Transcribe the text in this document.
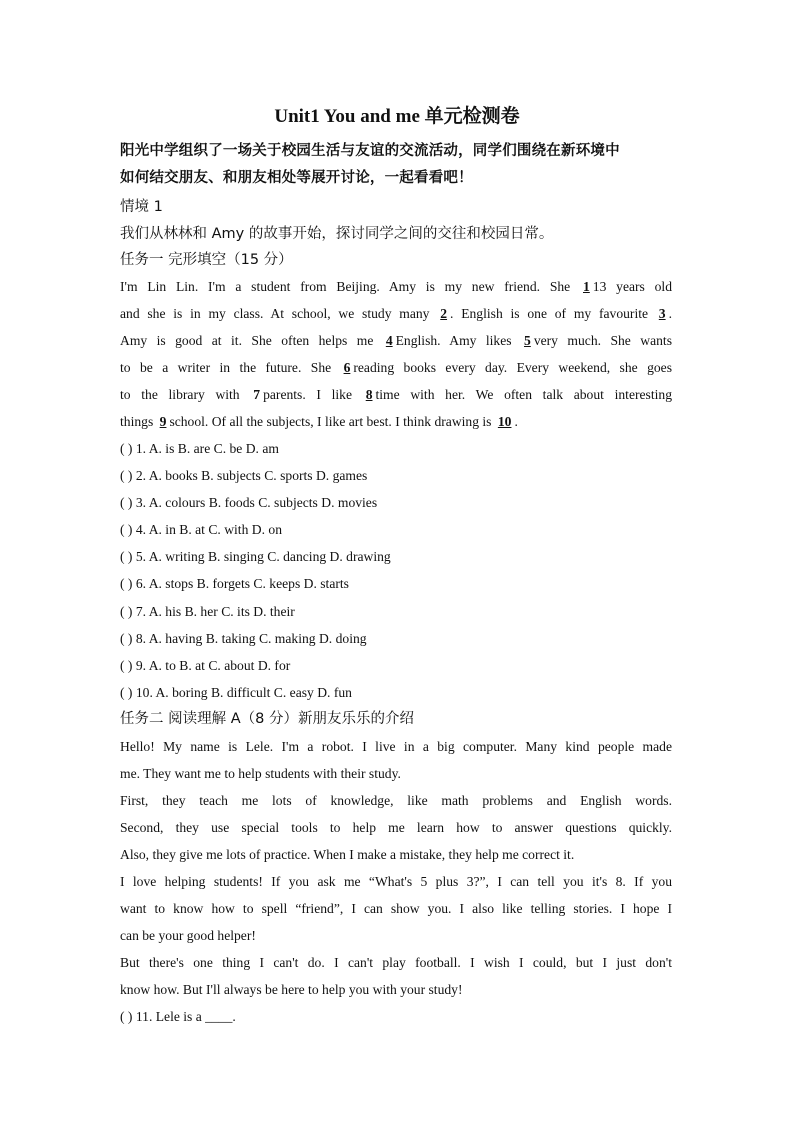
Unit1 You and me 单元检测卷
阳光中学组织了一场关于校园生活与友谊的交流活动，同学们围绕在新环境中
如何结交朋友、和朋友相处等展开讨论，一起看看吧！
情境 1
我们从林林和 Amy 的故事开始，探讨同学之间的交往和校园日常。
任务一 完形填空（15 分）
I'm Lin Lin. I'm a student from Beijing. Amy is my new friend. She 1 13 years old
and she is in my class. At school, we study many 2 . English is one of my favourite 3 .
Amy is good at it. She often helps me 4 English. Amy likes 5 very much. She wants
to be a writer in the future. She 6 reading books every day. Every weekend, she goes
to the library with 7 parents. I like 8 time with her. We often talk about interesting
things 9 school. Of all the subjects, I like art best. I think drawing is 10 .
( ) 1. A. is B. are C. be D. am
( ) 2. A. books B. subjects C. sports D. games
( ) 3. A. colours B. foods C. subjects D. movies
( ) 4. A. in B. at C. with D. on
( ) 5. A. writing B. singing C. dancing D. drawing
( ) 6. A. stops B. forgets C. keeps D. starts
( ) 7. A. his B. her C. its D. their
( ) 8. A. having B. taking C. making D. doing
( ) 9. A. to B. at C. about D. for
( ) 10. A. boring B. difficult C. easy D. fun
任务二 阅读理解 A（8 分）新朋友乐乐的介绍
Hello! My name is Lele. I'm a robot. I live in a big computer. Many kind people made
me. They want me to help students with their study.
First, they teach me lots of knowledge, like math problems and English words.
Second, they use special tools to help me learn how to answer questions quickly.
Also, they give me lots of practice. When I make a mistake, they help me correct it.
I love helping students! If you ask me “What's 5 plus 3?”, I can tell you it's 8. If you
want to know how to spell “friend”, I can show you. I also like telling stories. I hope I
can be your good helper!
But there's one thing I can't do. I can't play football. I wish I could, but I just don't
know how. But I'll always be here to help you with your study!
( ) 11. Lele is a ____.
